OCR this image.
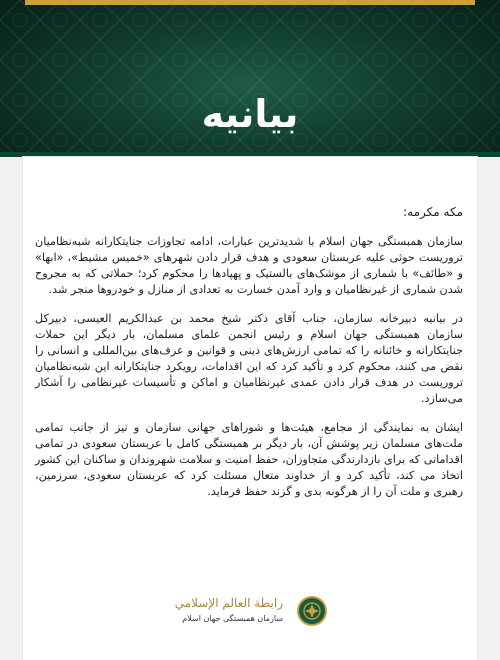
بیانیه
مکه مکرمه:

سازمان همبستگی جهان اسلام با شدیدترین عبارات، ادامه تجاوزات جنایتکارانه شبه‌نظامیان تروریست حوثی علیه عربستان سعودی و هدف قرار دادن شهرهای «خمیس مشیط»، «ابها» و «طائف» با شماری از موشک‌های بالستیک و پهپادها را محکوم کرد؛ حملاتی که به مجروح شدن شماری از غیرنظامیان و وارد آمدن خسارت به تعدادی از منازل و خودروها منجر شد.

در بیانیه دبیرخانه سازمان، جناب آقای دکتر شیخ محمد بن عبدالکریم العیسی، دبیرکل سازمان همبستگی جهان اسلام و رئیس انجمن علمای مسلمان، بار دیگر این حملات جنایتکارانه و خائنانه را که تمامی ارزش‌های دینی و قوانین و عرف‌های بین‌المللی و انسانی را نقض می کنند، محکوم کرد و تأکید کرد که این اقدامات، رویکرد جنایتکارانه این شبه‌نظامیان تروریست در هدف قرار دادن عمدی غیرنظامیان و اماکن و تأسیسات غیرنظامی را آشکار می‌سازد.

ایشان به نمایندگی از مجامع، هیئت‌ها و شوراهای جهانی سازمان و نیز از جانب تمامی ملت‌های مسلمان زیر پوشش آن، بار دیگر بر همبستگی کامل با عربستان سعودی در تمامی اقداماتی که برای بازدارندگی متجاوزان، حفظ امنیت و سلامت شهروندان و ساکنان این کشور اتخاذ می کند، تأکید کرد و از خداوند متعال مسئلت کرد که عربستان سعودی، سرزمین، رهبری و ملت آن را از هرگونه بدی و گزند حفظ فرماید.

رابطة العالم الإسلامي
سازمان همبستگی جهان اسلام
